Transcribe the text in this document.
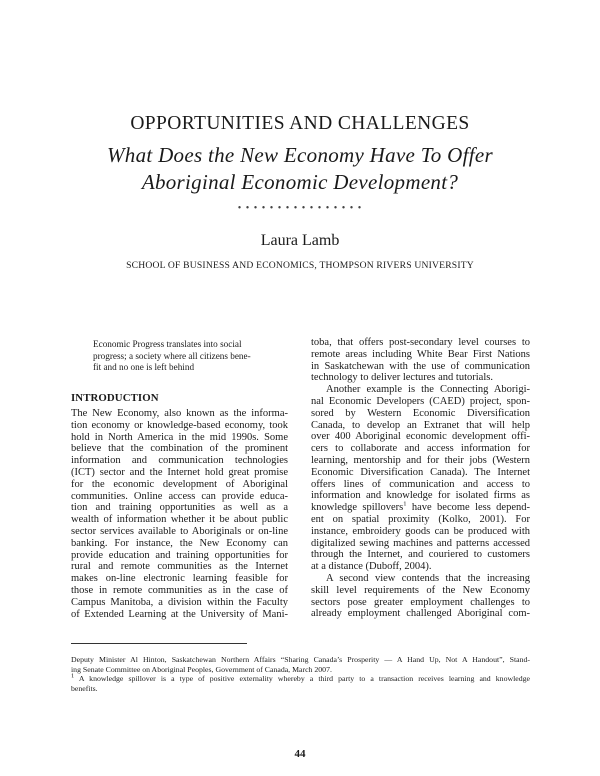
OPPORTUNITIES AND CHALLENGES
What Does the New Economy Have To Offer
Aboriginal Economic Development?
• • • • • • • • • • • • • • • •
Laura Lamb
SCHOOL OF BUSINESS AND ECONOMICS, THOMPSON RIVERS UNIVERSITY
Economic Progress translates into social
progress; a society where all citizens bene-
fit and no one is left behind
INTRODUCTION
The New Economy, also known as the informa-
tion economy or knowledge-based economy, took
hold in North America in the mid 1990s. Some
believe that the combination of the prominent
information and communication technologies
(ICT) sector and the Internet hold great promise
for the economic development of Aboriginal
communities. Online access can provide educa-
tion and training opportunities as well as a
wealth of information whether it be about public
sector services available to Aboriginals or on-line
banking. For instance, the New Economy can
provide education and training opportunities for
rural and remote communities as the Internet
makes on-line electronic learning feasible for
those in remote communities as in the case of
Campus Manitoba, a division within the Faculty
of Extended Learning at the University of Mani-
toba, that offers post-secondary level courses to
remote areas including White Bear First Nations
in Saskatchewan with the use of communication
technology to deliver lectures and tutorials.
Another example is the Connecting Aborigi-
nal Economic Developers (CAED) project, spon-
sored by Western Economic Diversification
Canada, to develop an Extranet that will help
over 400 Aboriginal economic development offi-
cers to collaborate and access information for
learning, mentorship and for their jobs (Western
Economic Diversification Canada). The Internet
offers lines of communication and access to
information and knowledge for isolated firms as
knowledge spillovers$^1$ have become less depend-
ent on spatial proximity (Kolko, 2001). For
instance, embroidery goods can be produced with
digitalized sewing machines and patterns accessed
through the Internet, and couriered to customers
at a distance (Duboff, 2004).
A second view contends that the increasing
skill level requirements of the New Economy
sectors pose greater employment challenges to
already employment challenged Aboriginal com-
Deputy Minister Al Hinton, Saskatchewan Northern Affairs “Sharing Canada’s Prosperity — A Hand Up, Not A Handout”, Stand-
ing Senate Committee on Aboriginal Peoples, Government of Canada, March 2007.
$^1$ A knowledge spillover is a type of positive externality whereby a third party to a transaction receives learning and knowledge
benefits.
44
